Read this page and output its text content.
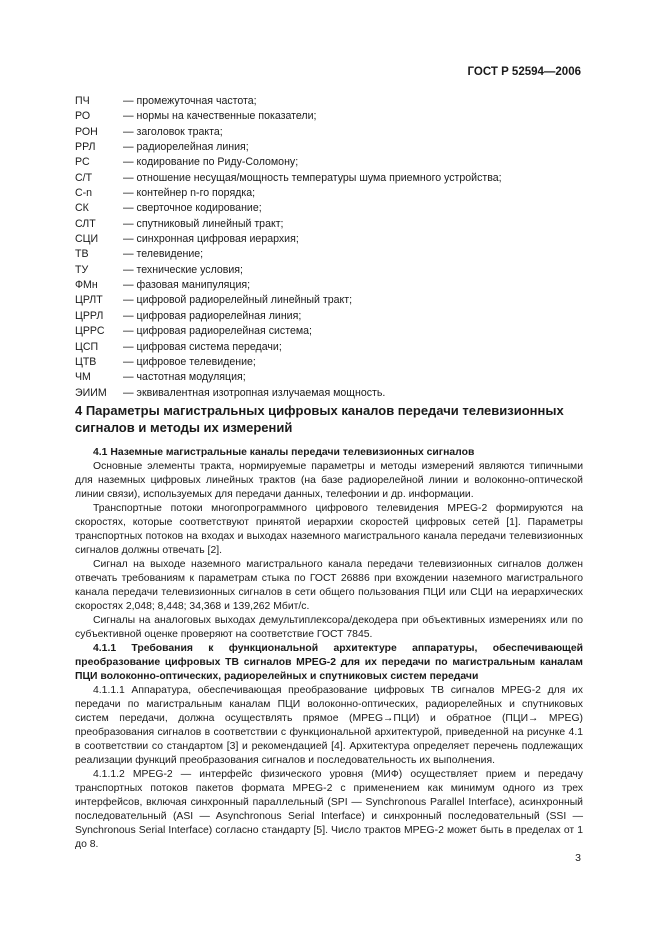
ГОСТ Р 52594—2006
ПЧ	— промежуточная частота;
РО	— нормы на качественные показатели;
РОН	— заголовок тракта;
РРЛ	— радиорелейная линия;
РС	— кодирование по Риду-Соломону;
С/Т	— отношение несущая/мощность температуры шума приемного устройства;
С-n	— контейнер n-го порядка;
СК	— сверточное кодирование;
СЛТ	— спутниковый линейный тракт;
СЦИ	— синхронная цифровая иерархия;
ТВ	— телевидение;
ТУ	— технические условия;
ФМн	— фазовая манипуляция;
ЦРЛТ	— цифровой радиорелейный линейный тракт;
ЦРРЛ	— цифровая радиорелейная линия;
ЦРРС	— цифровая радиорелейная система;
ЦСП	— цифровая система передачи;
ЦТВ	— цифровое телевидение;
ЧМ	— частотная модуляция;
ЭИИМ	— эквивалентная изотропная излучаемая мощность.
4 Параметры магистральных цифровых каналов передачи телевизионных сигналов и методы их измерений

4.1 Наземные магистральные каналы передачи телевизионных сигналов

Основные элементы тракта, нормируемые параметры и методы измерений являются типичными для наземных цифровых линейных трактов (на базе радиорелейной линии и волоконно-оптической линии связи), используемых для передачи данных, телефонии и др. информации.

Транспортные потоки многопрограммного цифрового телевидения MPEG-2 формируются на скоростях, которые соответствуют принятой иерархии скоростей цифровых сетей [1]. Параметры транспортных потоков на входах и выходах наземного магистрального канала передачи телевизионных сигналов должны отвечать [2].

Сигнал на выходе наземного магистрального канала передачи телевизионных сигналов должен отвечать требованиям к параметрам стыка по ГОСТ 26886 при вхождении наземного магистрального канала передачи телевизионных сигналов в сети общего пользования ПЦИ или СЦИ на иерархических скоростях 2,048; 8,448; 34,368 и 139,262 Мбит/с.

Сигналы на аналоговых выходах демультиплексора/декодера при объективных измерениях или по субъективной оценке проверяют на соответствие ГОСТ 7845.

4.1.1 Требования к функциональной архитектуре аппаратуры, обеспечивающей преобразование цифровых ТВ сигналов MPEG-2 для их передачи по магистральным каналам ПЦИ волоконно-оптических, радиорелейных и спутниковых систем передачи

4.1.1.1 Аппаратура, обеспечивающая преобразование цифровых ТВ сигналов MPEG-2 для их передачи по магистральным каналам ПЦИ волоконно-оптических, радиорелейных и спутниковых систем передачи, должна осуществлять прямое (MPEG→ПЦИ) и обратное (ПЦИ→ MPEG) преобразования сигналов в соответствии с функциональной архитектурой, приведенной на рисунке 4.1 в соответствии со стандартом [3] и рекомендацией [4]. Архитектура определяет перечень подлежащих реализации функций преобразования сигналов и последовательность их выполнения.

4.1.1.2 MPEG-2 — интерфейс физического уровня (МИФ) осуществляет прием и передачу транспортных потоков пакетов формата MPEG-2 с применением как минимум одного из трех интерфейсов, включая синхронный параллельный (SPI — Synchronous Parallel Interface), асинхронный последовательный (ASI — Asynchronous Serial Interface) и синхронный последовательный (SSI — Synchronous Serial Interface) согласно стандарту [5]. Число трактов MPEG-2 может быть в пределах от 1 до 8.

3
